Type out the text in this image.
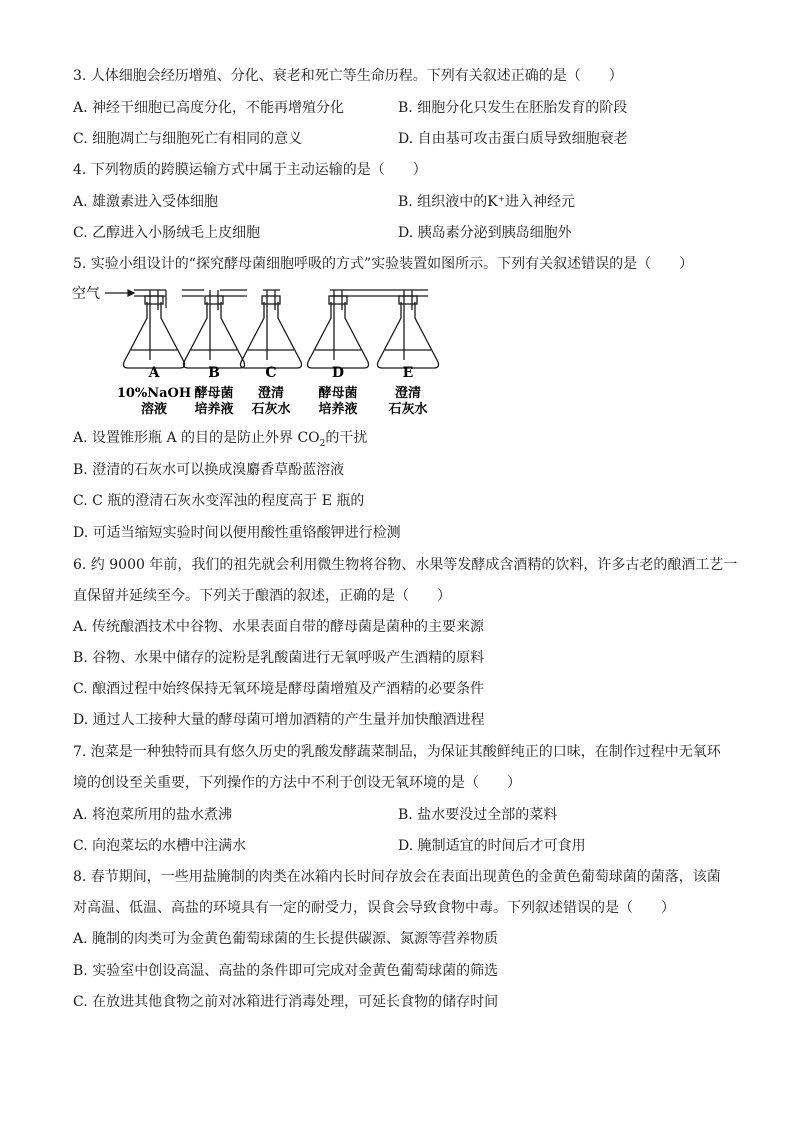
3. 人体细胞会经历增殖、分化、衰老和死亡等生命历程。下列有关叙述正确的是（　　）
A. 神经干细胞已高度分化，不能再增殖分化	B. 细胞分化只发生在胚胎发育的阶段
C. 细胞凋亡与细胞死亡有相同的意义	D. 自由基可攻击蛋白质导致细胞衰老
4. 下列物质的跨膜运输方式中属于主动运输的是（　　）
A. 雄激素进入受体细胞	B. 组织液中的K⁺进入神经元
C. 乙醇进入小肠绒毛上皮细胞	D. 胰岛素分泌到胰岛细胞外
5. 实验小组设计的“探究酵母菌细胞呼吸的方式”实验装置如图所示。下列有关叙述错误的是（　　）
A	B	C	D	E
10%NaOH
溶液
酵母菌
培养液
澄清
石灰水
酵母菌
培养液
澄清
石灰水
空气
A. 设置锥形瓶 A 的目的是防止外界 $CO_2$的干扰
B. 澄清的石灰水可以换成溴麝香草酚蓝溶液
C. C 瓶的澄清石灰水变浑浊的程度高于 E 瓶的
D. 可适当缩短实验时间以便用酸性重铬酸钾进行检测
6. 约 9000 年前，我们的祖先就会利用微生物将谷物、水果等发酵成含酒精的饮料，许多古老的酿酒工艺一
直保留并延续至今。下列关于酿酒的叙述，正确的是（　　）
A. 传统酿酒技术中谷物、水果表面自带的酵母菌是菌种的主要来源
B. 谷物、水果中储存的淀粉是乳酸菌进行无氧呼吸产生酒精的原料
C. 酿酒过程中始终保持无氧环境是酵母菌增殖及产酒精的必要条件
D. 通过人工接种大量的酵母菌可增加酒精的产生量并加快酿酒进程
7. 泡菜是一种独特而具有悠久历史的乳酸发酵蔬菜制品，为保证其酸鲜纯正的口味，在制作过程中无氧环
境的创设至关重要，下列操作的方法中不利于创设无氧环境的是（　　）
A. 将泡菜所用的盐水煮沸	B. 盐水要没过全部的菜料
C. 向泡菜坛的水槽中注满水	D. 腌制适宜的时间后才可食用
8. 春节期间，一些用盐腌制的肉类在冰箱内长时间存放会在表面出现黄色的金黄色葡萄球菌的菌落，该菌
对高温、低温、高盐的环境具有一定的耐受力，误食会导致食物中毒。下列叙述错误的是（　　）
A. 腌制的肉类可为金黄色葡萄球菌的生长提供碳源、氮源等营养物质
B. 实验室中创设高温、高盐的条件即可完成对金黄色葡萄球菌的筛选
C. 在放进其他食物之前对冰箱进行消毒处理，可延长食物的储存时间
